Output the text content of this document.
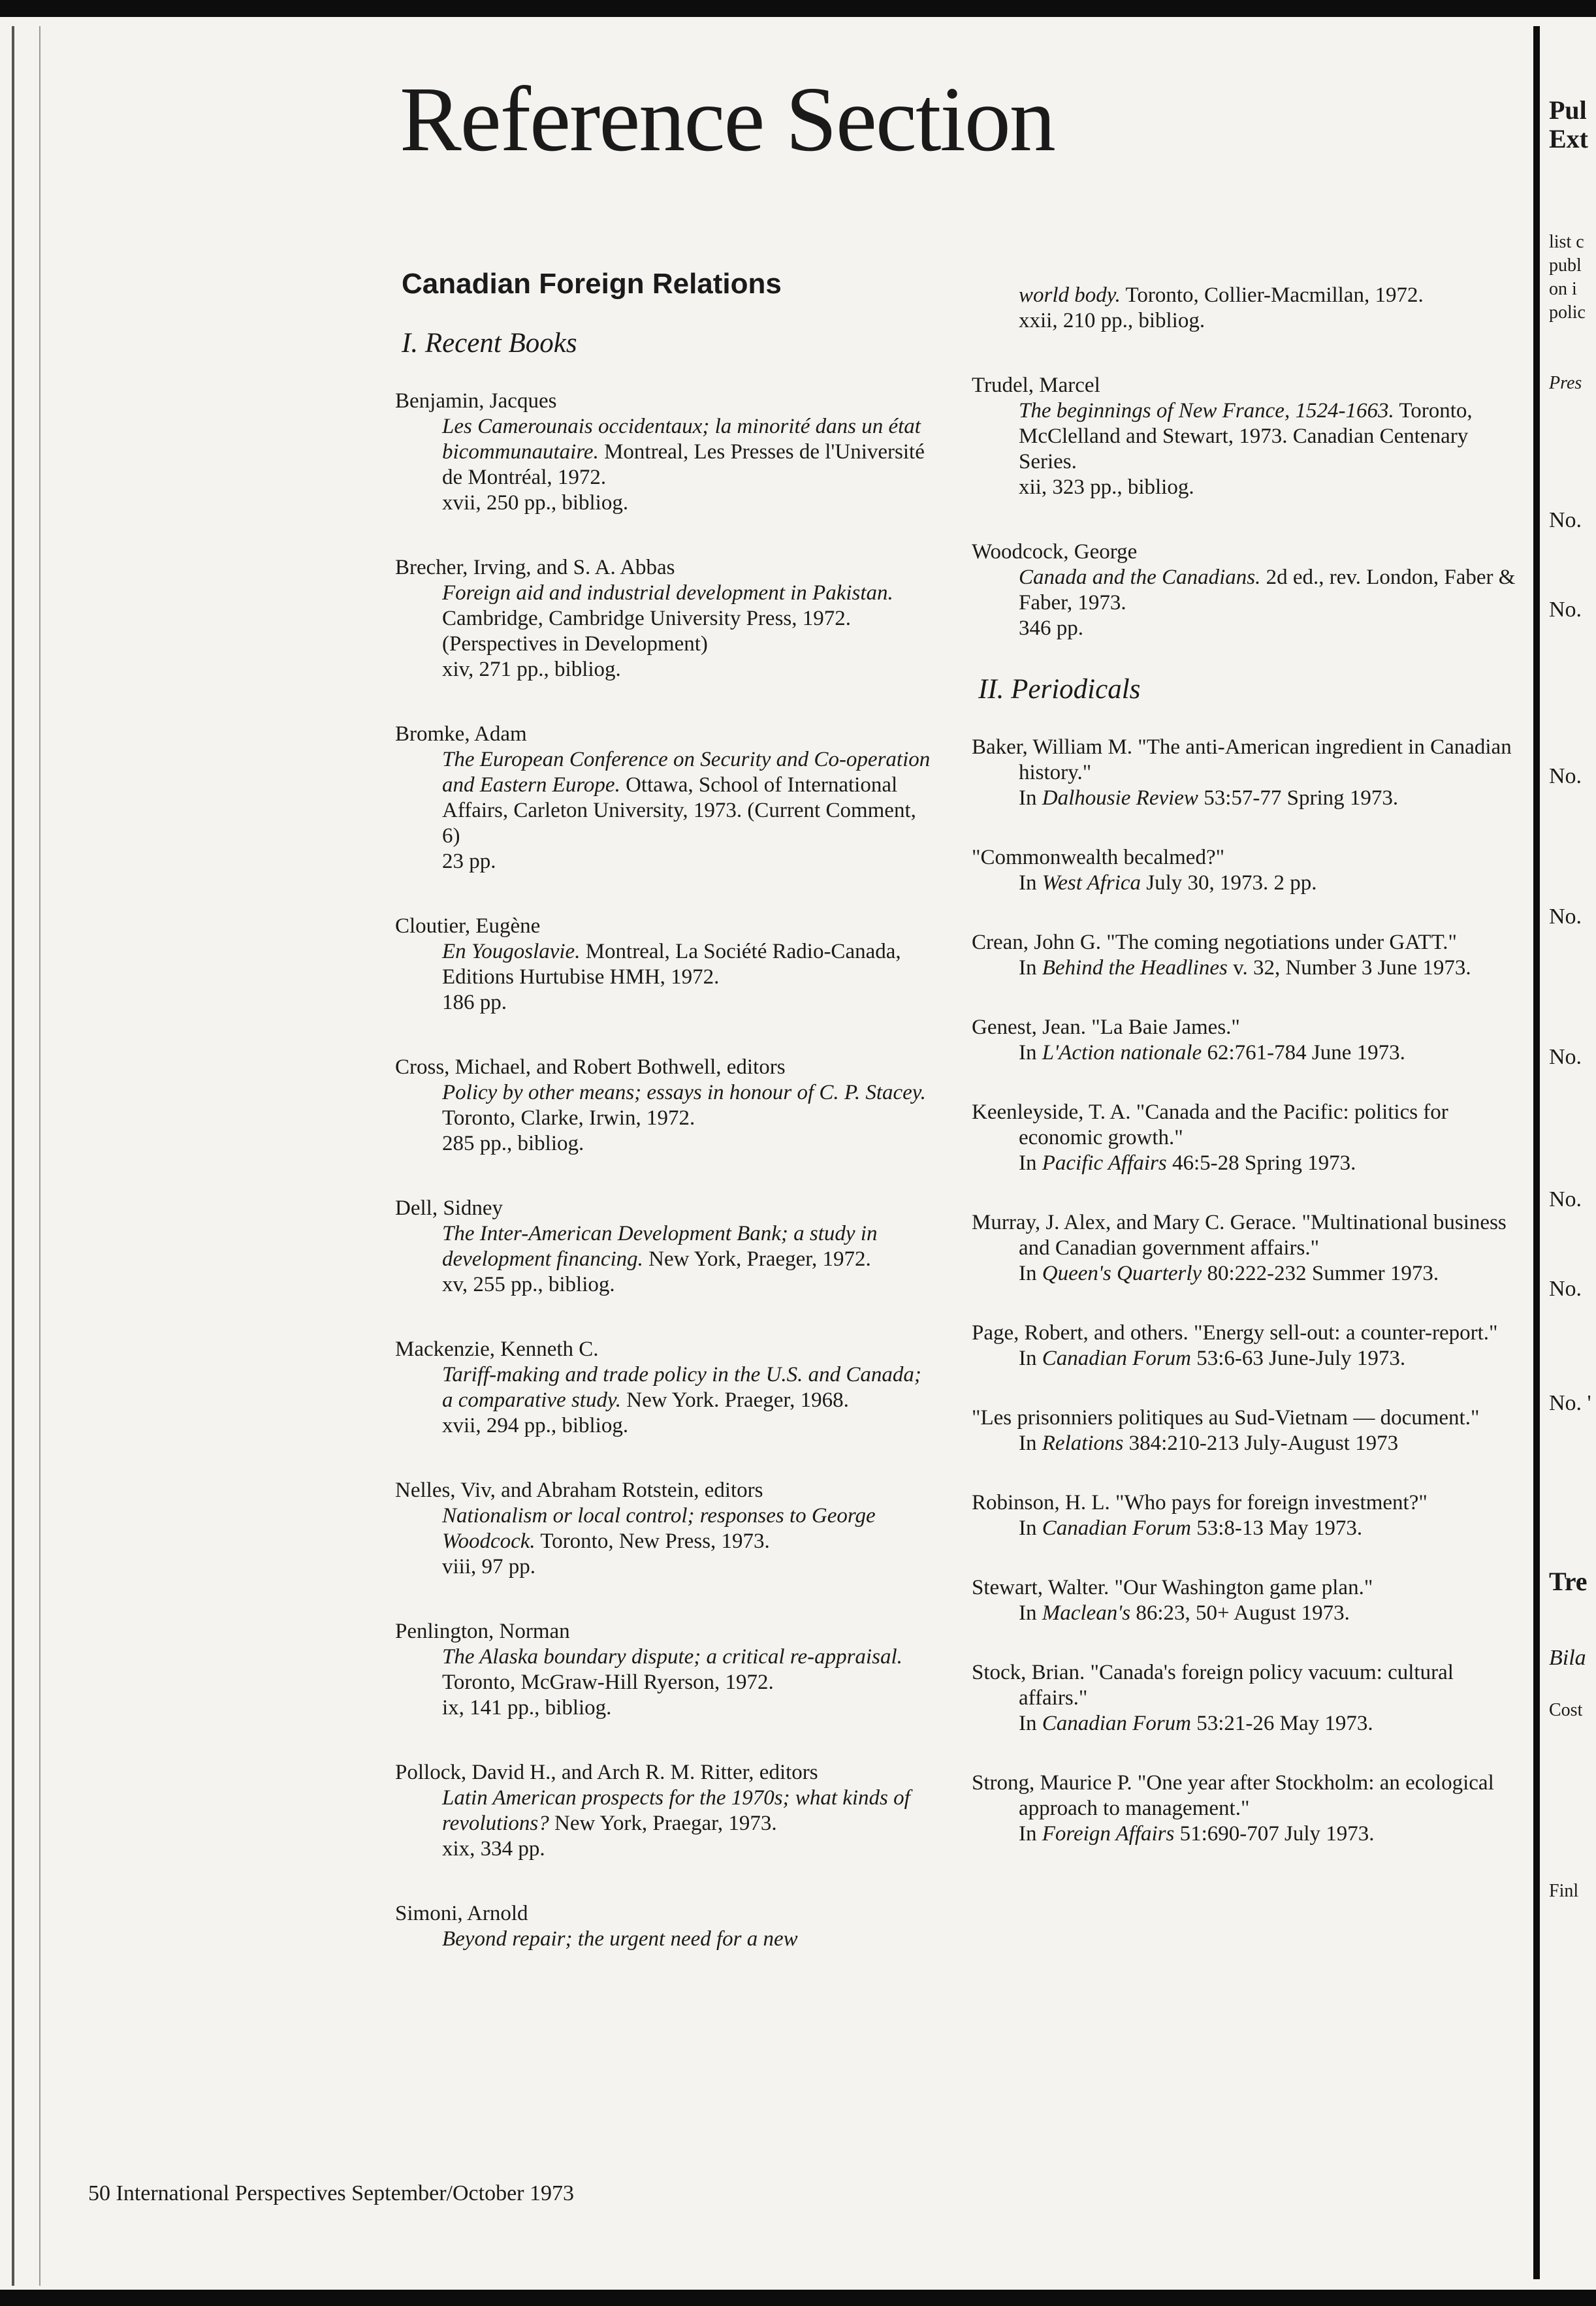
Reference Section
Canadian Foreign Relations
I. Recent Books
Benjamin, Jacques
Les Camerounais occidentaux; la minorité dans un état bicommunautaire. Montreal, Les Presses de l'Université de Montréal, 1972.
xvii, 250 pp., bibliog.
Brecher, Irving, and S. A. Abbas
Foreign aid and industrial development in Pakistan. Cambridge, Cambridge University Press, 1972. (Perspectives in Development)
xiv, 271 pp., bibliog.
Bromke, Adam
The European Conference on Security and Co-operation and Eastern Europe. Ottawa, School of International Affairs, Carleton University, 1973. (Current Comment, 6)
23 pp.
Cloutier, Eugène
En Yougoslavie. Montreal, La Société Radio-Canada, Editions Hurtubise HMH, 1972.
186 pp.
Cross, Michael, and Robert Bothwell, editors
Policy by other means; essays in honour of C. P. Stacey. Toronto, Clarke, Irwin, 1972.
285 pp., bibliog.
Dell, Sidney
The Inter-American Development Bank; a study in development financing. New York, Praeger, 1972.
xv, 255 pp., bibliog.
Mackenzie, Kenneth C.
Tariff-making and trade policy in the U.S. and Canada; a comparative study. New York. Praeger, 1968.
xvii, 294 pp., bibliog.
Nelles, Viv, and Abraham Rotstein, editors
Nationalism or local control; responses to George Woodcock. Toronto, New Press, 1973.
viii, 97 pp.
Penlington, Norman
The Alaska boundary dispute; a critical re-appraisal. Toronto, McGraw-Hill Ryerson, 1972.
ix, 141 pp., bibliog.
Pollock, David H., and Arch R. M. Ritter, editors
Latin American prospects for the 1970s; what kinds of revolutions? New York, Praegar, 1973.
xix, 334 pp.
Simoni, Arnold
Beyond repair; the urgent need for a new
world body. Toronto, Collier-Macmillan, 1972.
xxii, 210 pp., bibliog.
Trudel, Marcel
The beginnings of New France, 1524-1663. Toronto, McClelland and Stewart, 1973. Canadian Centenary Series.
xii, 323 pp., bibliog.
Woodcock, George
Canada and the Canadians. 2d ed., rev. London, Faber & Faber, 1973.
346 pp.
II. Periodicals
Baker, William M. "The anti-American ingredient in Canadian history."
In Dalhousie Review 53:57-77 Spring 1973.
"Commonwealth becalmed?"
In West Africa July 30, 1973. 2 pp.
Crean, John G. "The coming negotiations under GATT."
In Behind the Headlines v. 32, Number 3 June 1973.
Genest, Jean. "La Baie James."
In L'Action nationale 62:761-784 June 1973.
Keenleyside, T. A. "Canada and the Pacific: politics for economic growth."
In Pacific Affairs 46:5-28 Spring 1973.
Murray, J. Alex, and Mary C. Gerace. "Multinational business and Canadian government affairs."
In Queen's Quarterly 80:222-232 Summer 1973.
Page, Robert, and others. "Energy sell-out: a counter-report."
In Canadian Forum 53:6-63 June-July 1973.
"Les prisonniers politiques au Sud-Vietnam — document."
In Relations 384:210-213 July-August 1973
Robinson, H. L. "Who pays for foreign investment?"
In Canadian Forum 53:8-13 May 1973.
Stewart, Walter. "Our Washington game plan."
In Maclean's 86:23, 50+ August 1973.
Stock, Brian. "Canada's foreign policy vacuum: cultural affairs."
In Canadian Forum 53:21-26 May 1973.
Strong, Maurice P. "One year after Stockholm: an ecological approach to management."
In Foreign Affairs 51:690-707 July 1973.
50 International Perspectives September/October 1973
Pul
Ext
list c
publ
on i
polic
Pres
No.
No.
No.
No.
No.
No.
No.
No. '
Tre
Bila
Cost
Finl
